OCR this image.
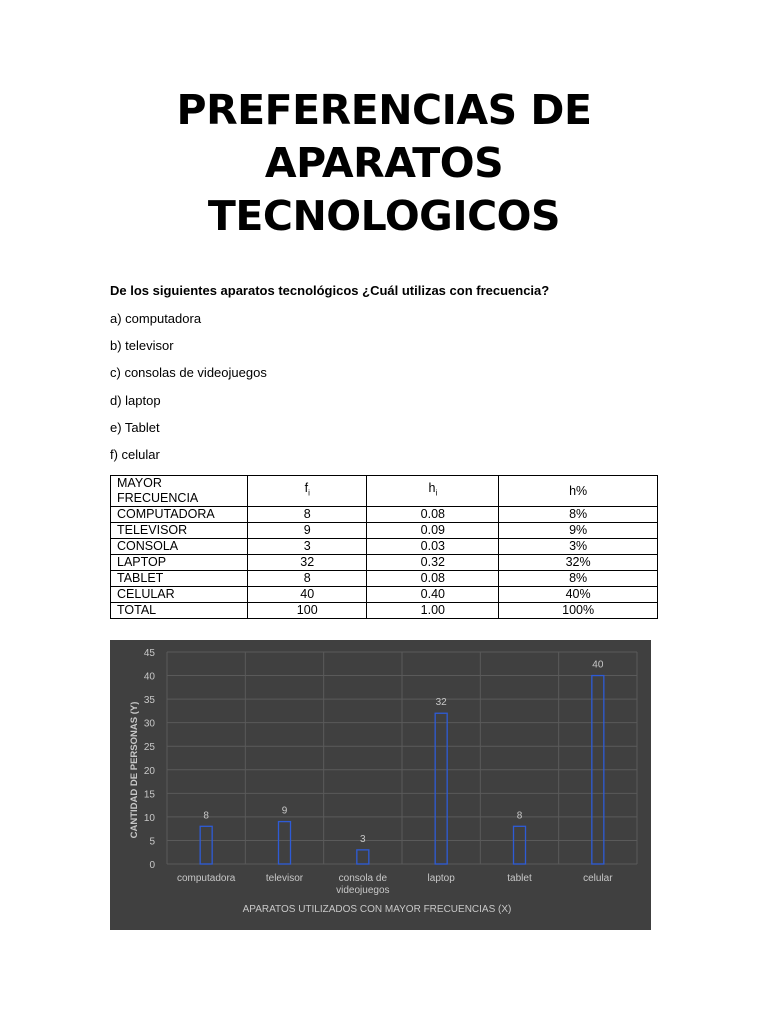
PREFERENCIAS DE
APARATOS
TECNOLOGICOS
De los siguientes aparatos tecnológicos ¿Cuál utilizas con frecuencia?
a) computadora
b) televisor
c) consolas de videojuegos
d) laptop
e) Tablet
f) celular
MAYOR FRECUENCIA	$f_i$	$h_i$	h%
COMPUTADORA	8	0.08	8%
TELEVISOR	9	0.09	9%
CONSOLA	3	0.03	3%
LAPTOP	32	0.32	32%
TABLET	8	0.08	8%
CELULAR	40	0.40	40%
TOTAL	100	1.00	100%
0
5
10
15
20
25
30
35
40
45
8
computadora
9
televisor
3
consola de
videojuegos
32
laptop
8
tablet
40
celular
APARATOS UTILIZADOS CON MAYOR FRECUENCIAS (X)
CANTIDAD DE PERSONAS (Y)
